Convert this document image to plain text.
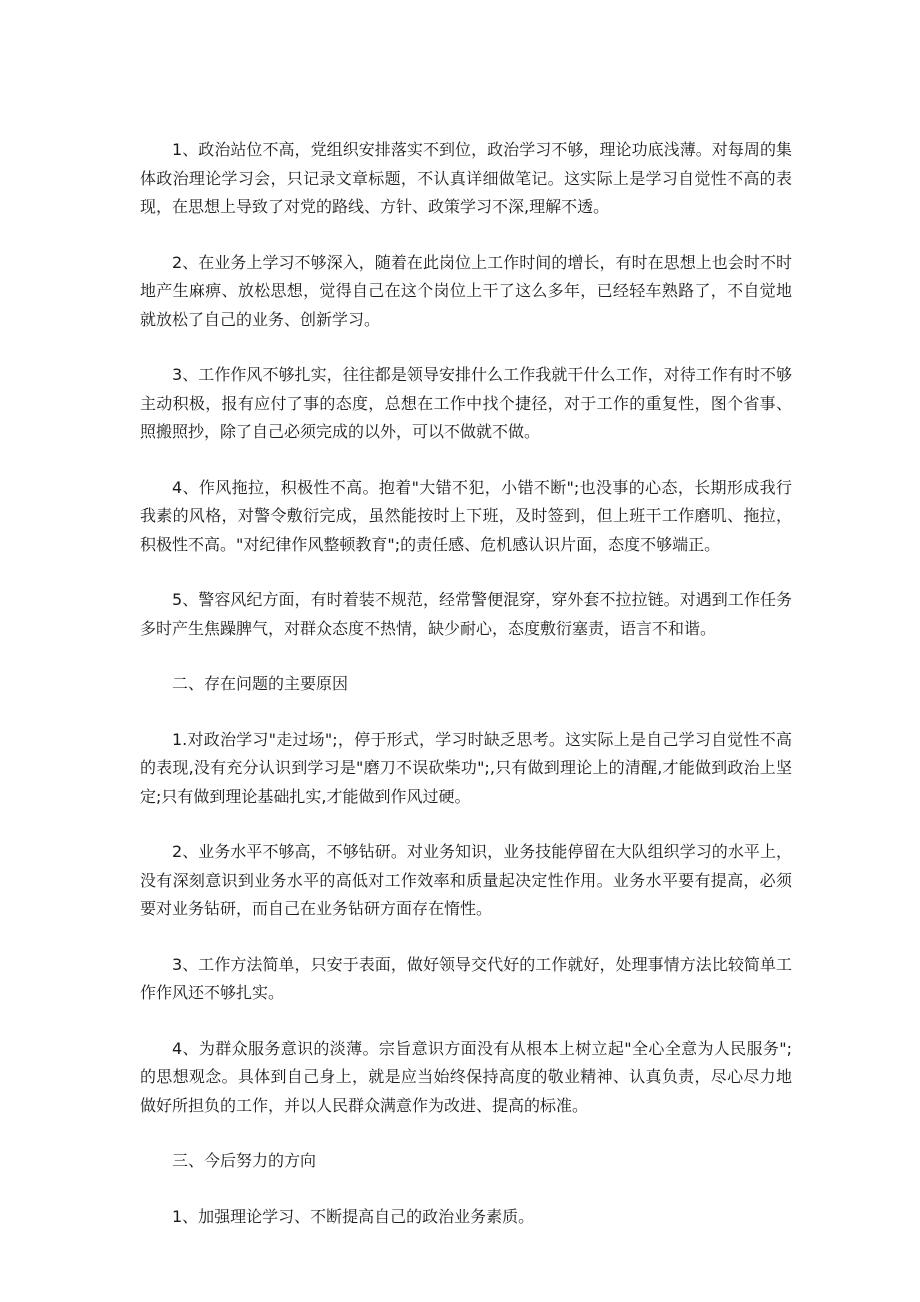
1、政治站位不高，党组织安排落实不到位，政治学习不够，理论功底浅薄。对每周的集体政治理论学习会，只记录文章标题，不认真详细做笔记。这实际上是学习自觉性不高的表现，在思想上导致了对党的路线、方针、政策学习不深,理解不透。

2、在业务上学习不够深入，随着在此岗位上工作时间的增长，有时在思想上也会时不时地产生麻痹、放松思想，觉得自己在这个岗位上干了这么多年，已经轻车熟路了，不自觉地就放松了自己的业务、创新学习。

3、工作作风不够扎实，往往都是领导安排什么工作我就干什么工作，对待工作有时不够主动积极，报有应付了事的态度，总想在工作中找个捷径，对于工作的重复性，图个省事、照搬照抄，除了自己必须完成的以外，可以不做就不做。

4、作风拖拉，积极性不高。抱着"大错不犯，小错不断";也没事的心态，长期形成我行我素的风格，对警令敷衍完成，虽然能按时上下班，及时签到，但上班干工作磨叽、拖拉，积极性不高。"对纪律作风整顿教育";的责任感、危机感认识片面，态度不够端正。

5、警容风纪方面，有时着装不规范，经常警便混穿，穿外套不拉拉链。对遇到工作任务多时产生焦躁脾气，对群众态度不热情，缺少耐心，态度敷衍塞责，语言不和谐。

二、存在问题的主要原因

1.对政治学习"走过场";，停于形式，学习时缺乏思考。这实际上是自己学习自觉性不高的表现,没有充分认识到学习是"磨刀不误砍柴功";,只有做到理论上的清醒,才能做到政治上坚定;只有做到理论基础扎实,才能做到作风过硬。

2、业务水平不够高，不够钻研。对业务知识，业务技能停留在大队组织学习的水平上，没有深刻意识到业务水平的高低对工作效率和质量起决定性作用。业务水平要有提高，必须要对业务钻研，而自己在业务钻研方面存在惰性。

3、工作方法简单，只安于表面，做好领导交代好的工作就好，处理事情方法比较简单工作作风还不够扎实。

4、为群众服务意识的淡薄。宗旨意识方面没有从根本上树立起"全心全意为人民服务";的思想观念。具体到自己身上，就是应当始终保持高度的敬业精神、认真负责，尽心尽力地做好所担负的工作，并以人民群众满意作为改进、提高的标准。

三、今后努力的方向

1、加强理论学习、不断提高自己的政治业务素质。
